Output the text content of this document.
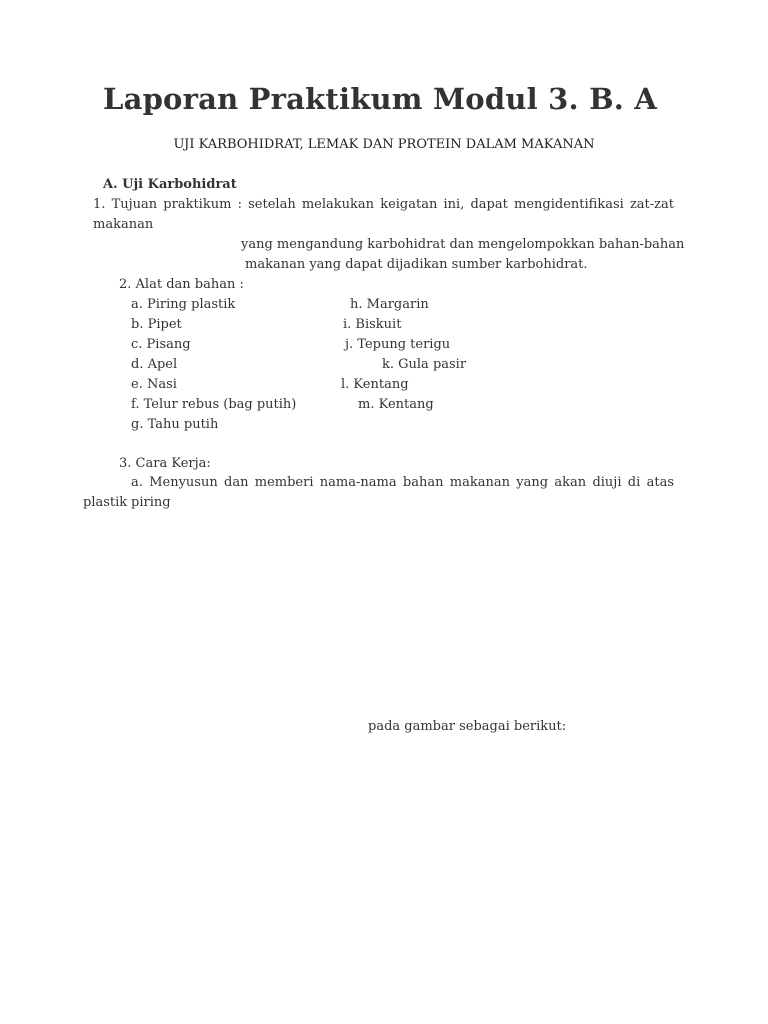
Laporan Praktikum Modul 3. B. A
UJI KARBOHIDRAT, LEMAK DAN PROTEIN DALAM MAKANAN
A. Uji Karbohidrat
1. Tujuan praktikum : setelah melakukan keigatan ini, dapat mengidentifikasi zat-zat
makanan
yang mengandung karbohidrat dan mengelompokkan bahan-bahan
makanan yang dapat dijadikan sumber karbohidrat.
2. Alat dan bahan :
a. Piring plastik
b. Pipet
c. Pisang
d. Apel
e. Nasi
f. Telur rebus (bag putih)
g. Tahu putih
h. Margarin
i. Biskuit
j. Tepung terigu
k. Gula pasir
l. Kentang
m. Kentang
3. Cara Kerja:
a. Menyusun dan memberi nama-nama bahan makanan yang akan diuji di atas piring
plastik
pada gambar sebagai berikut:
